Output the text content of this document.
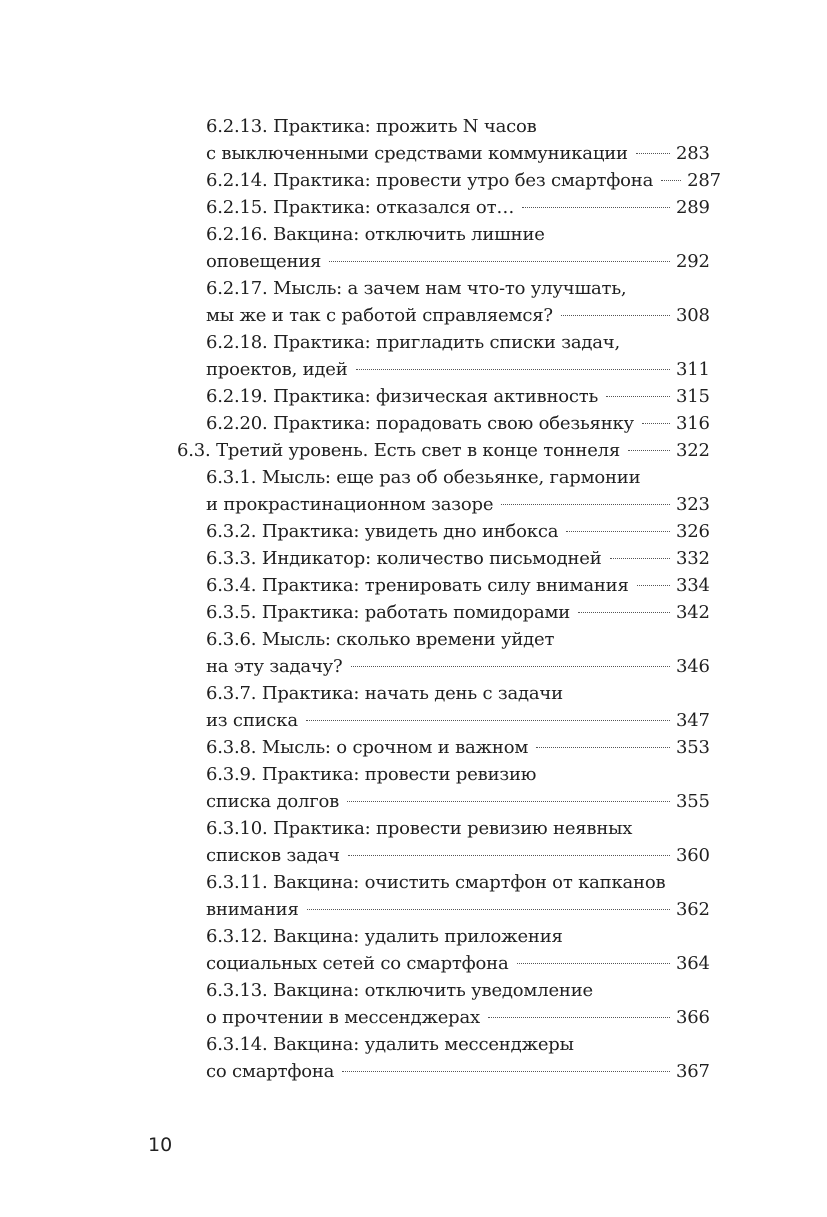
6.2.13. Практика: прожить N часов
с выключенными средствами коммуникации	283
6.2.14. Практика: провести утро без смартфона 287
6.2.15. Практика: отказался от…	289
6.2.16. Вакцина: отключить лишние
оповещения	292
6.2.17. Мысль: а зачем нам что-то улучшать,
мы же и так с работой справляемся?	308
6.2.18. Практика: пригладить списки задач,
проектов, идей	311
6.2.19. Практика: физическая активность	315
6.2.20. Практика: порадовать свою обезьянку 316
6.3. Третий уровень. Есть свет в конце тоннеля	322
6.3.1. Мысль: еще раз об обезьянке, гармонии
и прокрастинационном зазоре	323
6.3.2. Практика: увидеть дно инбокса	326
6.3.3. Индикатор: количество письмодней	332
6.3.4. Практика: тренировать силу внимания	334
6.3.5. Практика: работать помидорами	342
6.3.6. Мысль: сколько времени уйдет
на эту задачу?	346
6.3.7. Практика: начать день с задачи
из списка	347
6.3.8. Мысль: о срочном и важном	353
6.3.9. Практика: провести ревизию
списка долгов	355
6.3.10. Практика: провести ревизию неявных
списков задач	360
6.3.11. Вакцина: очистить смартфон от капканов
внимания	362
6.3.12. Вакцина: удалить приложения
социальных сетей со смартфона	364
6.3.13. Вакцина: отключить уведомление
о прочтении в мессенджерах	366
6.3.14. Вакцина: удалить мессенджеры
со смартфона	367
10
